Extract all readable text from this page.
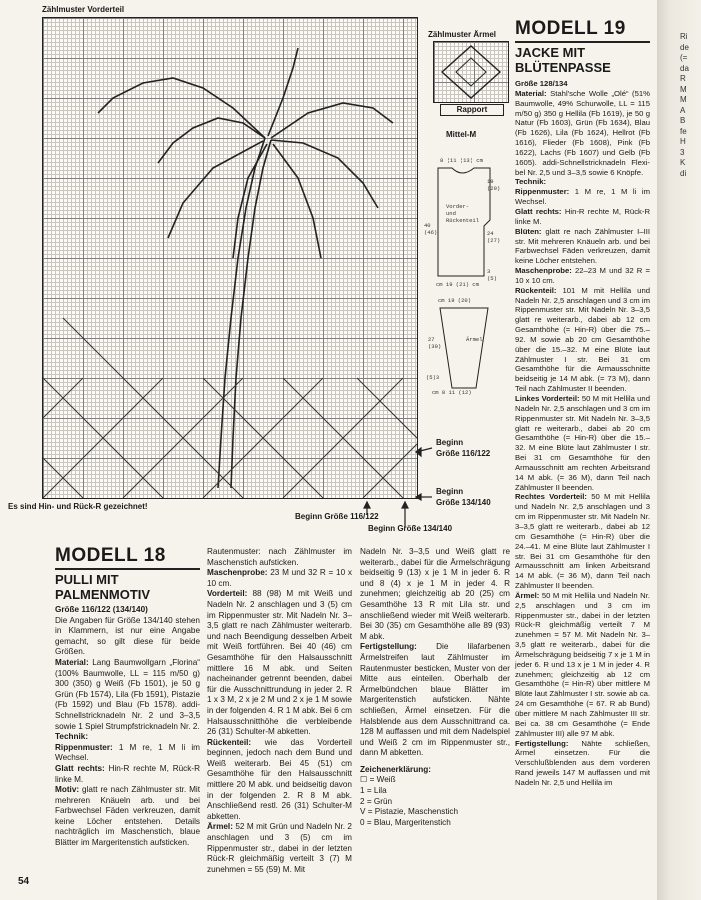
Zählmuster Vorderteil
Es sind Hin- und Rück-R gezeichnet!
Beginn
Größe 116/122
Beginn
Größe 134/140
Beginn Größe 116/122
Beginn Größe 134/140
Zählmuster Ärmel
Rapport
Mittel-M
8 ¦11 ¦13¦ cm
Vorder-
und
Rückenteil
40
(46)
19
(20)
24
(27)
3
(5)
cm 19 (21) cm
cm 19 (20)
Ärmel
27
(30)
(5)3
cm 8 11 (12)
MODELL 19
JACKE MIT
BLÜTENPASSE
Größe 128/134
Material: Stahl'sche Wolle „Olé“ (51% Baumwolle, 49% Schurwolle, LL = 115 m/50 g) 350 g Hellila (Fb 1619), je 50 g Natur (Fb 1603), Grün (Fb 1634), Blau (Fb 1626), Lila (Fb 1624), Hellrot (Fb 1616), Flieder (Fb 1608), Pink (Fb 1622), Lachs (Fb 1607) und Gelb (Fb 1605). addi-Schnellstricknadeln Flexi-bel Nr. 2,5 und 3–3,5 sowie 6 Knöpfe.
Technik:
Rippenmuster: 1 M re, 1 M li im Wechsel.
Glatt rechts: Hin-R rechte M, Rück-R linke M.
Blüten: glatt re nach Zählmuster I–III str. Mit mehreren Knäueln arb. und bei Farbwechsel Fäden verkreuzen, damit keine Löcher entstehen.
Maschenprobe: 22–23 M und 32 R = 10 x 10 cm.
Rückenteil: 101 M mit Hellila und Nadeln Nr. 2,5 anschlagen und 3 cm im Rippenmuster str. Mit Nadeln Nr. 3–3,5 glatt re weiterarb., dabei ab 12 cm Gesamthöhe (= Hin-R) über die 75.–92. M sowie ab 20 cm Gesamthöhe über die 15.–32. M eine Blüte laut Zählmuster I str. Bei 31 cm Gesamthöhe für die Armausschnitte beidseitig je 14 M abk. (= 73 M), dann Teil nach Zählmuster II beenden.
Linkes Vorderteil: 50 M mit Hellila und Nadeln Nr. 2,5 anschlagen und 3 cm im Rippenmuster str. Mit Nadeln Nr. 3–3,5 glatt re weiterarb., dabei ab 20 cm Gesamthöhe (= Hin-R) über die 15.–32. M eine Blüte laut Zählmuster I str. Bei 31 cm Gesamthöhe für den Armausschnitt am rechten Arbeitsrand 14 M abk. (= 36 M), dann Teil nach Zählmuster II beenden.
Rechtes Vorderteil: 50 M mit Hellila und Nadeln Nr. 2,5 anschlagen und 3 cm im Rippenmuster str. Mit Nadeln Nr. 3–3,5 glatt re weiterarb., dabei ab 12 cm Gesamthöhe (= Hin-R) über die 24.–41. M eine Blüte laut Zählmuster I str. Bei 31 cm Gesamthöhe für den Armausschnitt am linken Arbeitsrand 14 M abk. (= 36 M), dann Teil nach Zählmuster II beenden.
Ärmel: 50 M mit Hellila und Nadeln Nr. 2,5 anschlagen und 3 cm im Rippenmuster str., dabei in der letzten Rück-R gleichmäßig verteilt 7 M zunehmen = 57 M. Mit Nadeln Nr. 3–3,5 glatt re weiterarb., dabei für die Ärmelschrägung beidseitig 7 x je 1 M in jeder 6. R und 13 x je 1 M in jeder 4. R zunehmen; gleichzeitig ab 12 cm Gesamthöhe (= Hin-R) über mittlere M Blüte laut Zählmuster I str. sowie ab ca. 24 cm Gesamthöhe (= 67. R ab Bund) über mittlere M nach Zählmuster III str. Bei ca. 38 cm Gesamthöhe (= Ende Zählmuster III) alle 97 M abk.
Fertigstellung: Nähte schließen, Ärmel einsetzen. Für die Verschlußblenden aus dem vorderen Rand jeweils 147 M auffassen und mit Nadeln Nr. 2,5 und Hellila im
MODELL 18
PULLI MIT
PALMENMOTIV
Größe 116/122 (134/140)
Die Angaben für Größe 134/140 stehen in Klammern, ist nur eine Angabe gemacht, so gilt diese für beide Größen.
Material: Lang Baumwollgarn „Florina“ (100% Baumwolle, LL = 115 m/50 g) 300 (350) g Weiß (Fb 1501), je 50 g Grün (Fb 1574), Lila (Fb 1591), Pistazie (Fb 1592) und Blau (Fb 1578). addi-Schnellstricknadeln Nr. 2 und 3–3,5 sowie 1 Spiel Strumpfstricknadeln Nr. 2.
Technik:
Rippenmuster: 1 M re, 1 M li im Wechsel.
Glatt rechts: Hin-R rechte M, Rück-R linke M.
Motiv: glatt re nach Zählmuster str. Mit mehreren Knäueln arb. und bei Farbwechsel Fäden verkreuzen, damit keine Löcher entstehen. Details nachträglich im Maschenstich, blaue Blätter im Margeritenstich aufsticken.
Rautenmuster: nach Zählmuster im Maschenstich aufsticken.
Maschenprobe: 23 M und 32 R = 10 x 10 cm.
Vorderteil: 88 (98) M mit Weiß und Nadeln Nr. 2 anschlagen und 3 (5) cm im Rippenmuster str. Mit Nadeln Nr. 3–3,5 glatt re nach Zählmuster weiterarb. und nach Beendigung desselben Arbeit mit Weiß fortführen. Bei 40 (46) cm Gesamthöhe für den Halsausschnitt mittlere 16 M abk. und Seiten nacheinander getrennt beenden, dabei für die Ausschnittrundung in jeder 2. R 1 x 3 M, 2 x je 2 M und 2 x je 1 M sowie in der folgenden 4. R 1 M abk. Bei 6 cm Halsausschnitthöhe die verbleibende 26 (31) Schulter-M abketten.
Rückenteil: wie das Vorderteil beginnen, jedoch nach dem Bund und Weiß weiterarb. Bei 45 (51) cm Gesamthöhe für den Halsausschnitt mittlere 20 M abk. und beidseitig davon in der folgenden 2. R 8 M abk. Anschließend restl. 26 (31) Schulter-M abketten.
Ärmel: 52 M mit Grün und Nadeln Nr. 2 anschlagen und 3 (5) cm im Rippenmuster str., dabei in der letzten Rück-R gleichmäßig verteilt 3 (7) M zunehmen = 55 (59) M. Mit
Nadeln Nr. 3–3,5 und Weiß glatt re weiterarb., dabei für die Ärmelschrägung beidseitig 9 (13) x je 1 M in jeder 6. R und 8 (4) x je 1 M in jeder 4. R zunehmen; gleichzeitig ab 20 (25) cm Gesamthöhe 13 R mit Lila str. und anschließend wieder mit Weiß weiterarb. Bei 30 (35) cm Gesamthöhe alle 89 (93) M abk.
Fertigstellung: Die lilafarbenen Ärmelstreifen laut Zählmuster im Rautenmuster besticken, Muster von der Mitte aus einteilen. Oberhalb der Ärmelbündchen blaue Blätter im Margeritenstich aufsticken. Nähte schließen, Ärmel einsetzen. Für die Halsblende aus dem Ausschnittrand ca. 128 M auffassen und mit dem Nadelspiel und Weiß 2 cm im Rippenmuster str., dann M abketten.
Zeichenerklärung:
☐ = Weiß
1 = Lila
2 = Grün
V = Pistazie, Maschenstich
0 = Blau, Margeritenstich
Ri
de
(=
da
R
M
M
A
B
fe
H
3
K
di
54
